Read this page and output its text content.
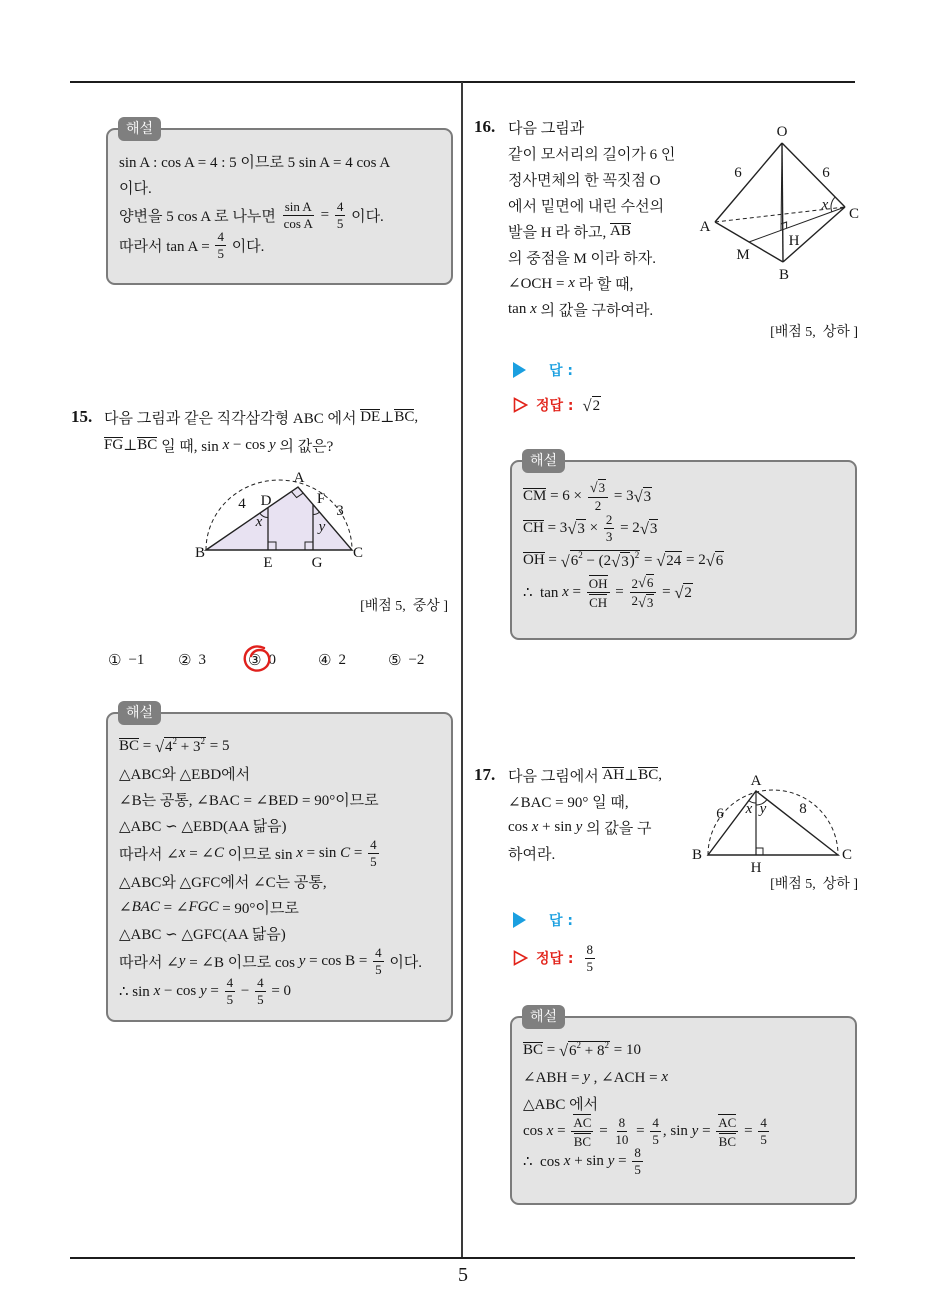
해설
sin A : cos A = 4 : 5 이므로 5 sin A = 4 cos A
이다.
양변을 5 cos A 로 나누면 $\frac{\text{sin A}}{\text{cos A}} = \frac{4}{5}$ 이다.
따라서 $\tan A = \frac{4}{5}$ 이다.
15. 다음 그림과 같은 직각삼각형 ABC 에서 DE ⊥ BC ,
FG ⊥ BC 일 때, sin x − cos y 의 값은?
A
4 D	F
3
x	y
B	C
E	G
[배점 5,  중상 ]
① −1 ② 3	③ 0	④ 2	⑤ −2
해설
BC = √ 4 2 + 3 2 = 5
△ABC와 △EBD에서
∠B는 공통, ∠BAC = ∠BED = 90°이므로
△ABC ∽ △EBD(AA 닮음)
따라서 ∠ x = ∠ C 이므로 $\sin x = \sin C = \frac{4}{5}$
△ABC와 △GFC에서 ∠C는 공통,
∠ BAC = ∠ FGC = 90°이므로
△ABC ∽ △GFC(AA 닮음)
따라서 ∠ y = ∠B 이므로 $\cos y = \cos B = \frac{4}{5}$ 이다.
∴ $\sin x - \cos y = \frac{4}{5} - \frac{4}{5} = 0$
16. 다음 그림과
같이 모서리의 길이가 6 인
정사면체의 한 꼭짓점 O
에서 밑면에 내린 수선의
발을 H 라 하고, AB
의 중점을 M 이라 하자.
∠OCH = x 라 할 때,
tan x 의 값을 구하여라.
O
6	6
A
C
M
H
B
x
[배점 5,  상하 ]
답 :
정답 : √ 2
해설
CM = $6 \times \frac{√ 3}{2} = 3$ √ 3
CH = 3 √ $3 \times \frac{2}{3} = 2$ √ 3
OH = √ 6 2 − (2 √ 3 ) 2 = √ 24 = 2 √ 6
∴  $\tan x = \frac{OH}{CH} = \frac{2 √ 6}{2 √ 3}$ = √ 2
17. 다음 그림에서 AH ⊥ BC ,
∠BAC = 90° 일 때,
cos x + sin y 의 값을 구
하여라.
A
6	8
x y
B	C
H
[배점 5,  상하 ]
답 :
정답 : $\frac{8}{5}$
해설
BC = √ 6 2 + 8 2 = 10
∠ABH = y , ∠ACH = x
△ABC 에서
$\cos x = \frac{AC}{BC} = \frac{8}{10} = \frac{4}{5}$ , $\sin y = \frac{AC}{BC} = \frac{4}{5}$
∴  $\cos x + \sin y = \frac{8}{5}$
5
